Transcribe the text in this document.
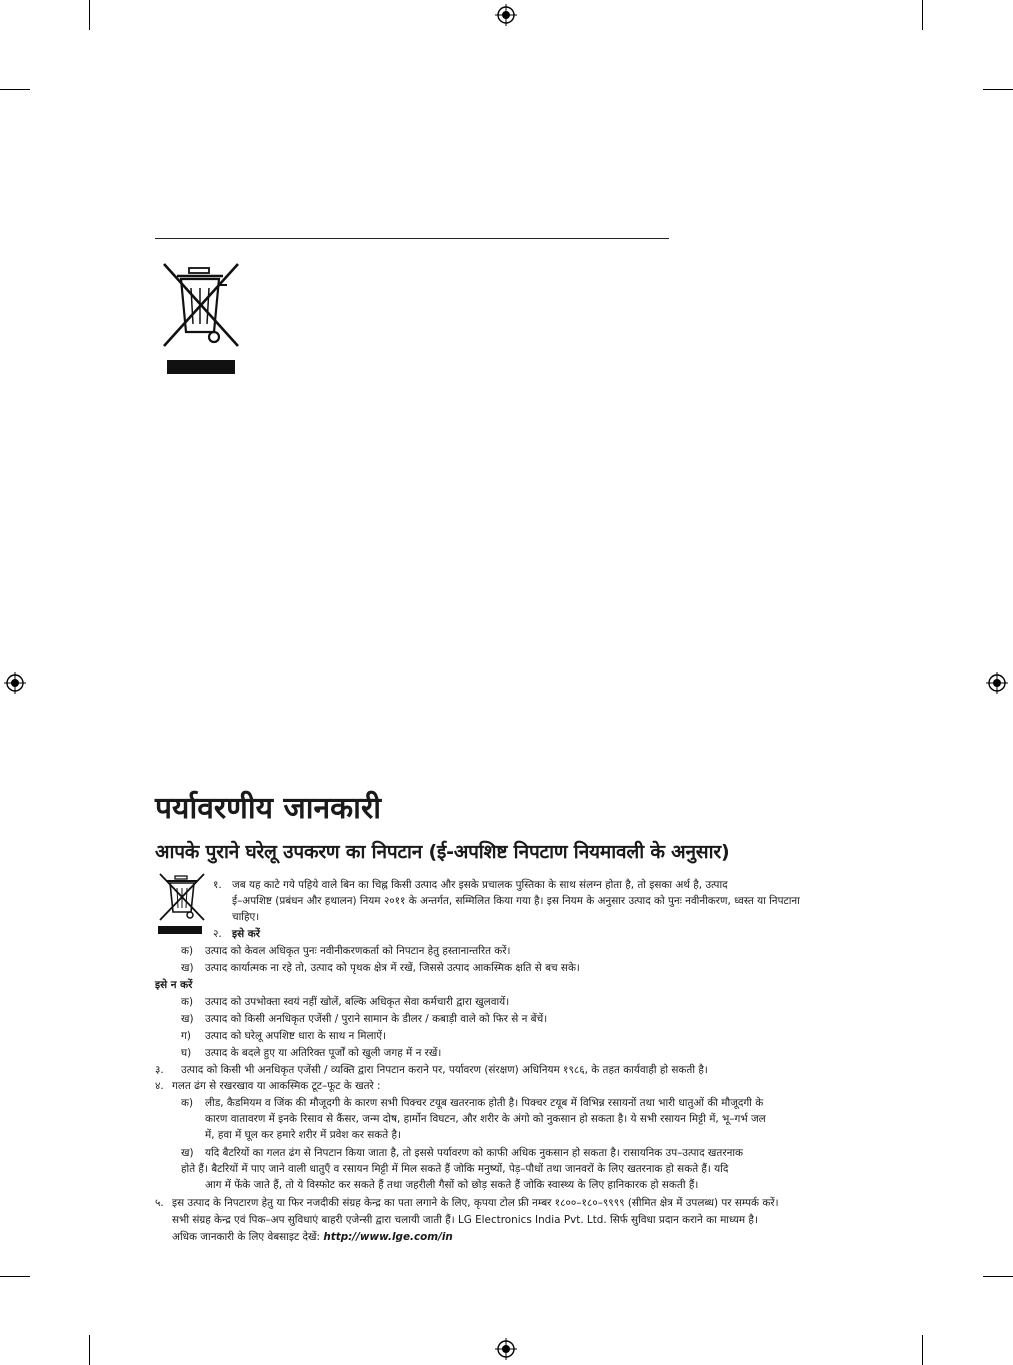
पर्यावरणीय जानकारी
आपके पुराने घरेलू उपकरण का निपटान (ई-अपशिष्ट निपटाण नियमावली के अनुसार)
१. जब यह काटे गये पहिये वाले बिन का चिह्न किसी उत्पाद और इसके प्रचालक पुस्तिका के साथ संलग्न होता है, तो इसका अर्थ है, उत्पाद
ई–अपशिष्ट (प्रबंधन और हथालन) नियम २०११ के अन्तर्गत, सम्मिलित किया गया है। इस नियम के अनुसार उत्पाद को पुनः नवीनीकरण, ध्वस्त या निपटाना
चाहिए।
२. इसे करें
क) उत्पाद को केवल अधिकृत पुनः नवीनीकरणकर्ता को निपटान हेतु हस्तानान्तरित करें।
ख) उत्पाद कार्यात्मक ना रहे तो, उत्पाद को पृथक क्षेत्र में रखें, जिससे उत्पाद आकस्मिक क्षति से बच सके।
इसे न करें
क) उत्पाद को उपभोक्ता स्वयं नहीं खोलें, बल्कि अधिकृत सेवा कर्मचारी द्वारा खुलवायें।
ख) उत्पाद को किसी अनधिकृत एजेंसी / पुराने सामान के डीलर / कबाड़ी वाले को फिर से न बेंचें।
ग) उत्पाद को घरेलू अपशिष्ट धारा के साथ न मिलाऐं।
घ) उत्पाद के बदले हुए या अतिरिक्त पूर्जों को खुली जगह में न रखें।
३. उत्पाद को किसी भी अनधिकृत एजेंसी / व्यक्ति द्वारा निपटान कराने पर, पर्यावरण (संरक्षण) अधिनियम १९८६, के तहत कार्यवाही हो सकती है।
४. गलत ढंग से रखरखाव या आकस्मिक टूट–फूट के खतरे :
क) लीड, कैडमियम व जिंक की मौजूदगी के कारण सभी पिक्चर टयूब खतरनाक होती है। पिक्चर टयूब में विभिन्न रसायनों तथा भारी धातुओं की मौजूदगी के
कारण वातावरण में इनके रिसाव से कैंसर, जन्म दोष, हार्मोन विघटन, और शरीर के अंगो को नुकसान हो सकता है। ये सभी रसायन मिट्टी में, भू–गर्भ जल
में, हवा में घूल कर हमारे शरीर में प्रवेश कर सकते है।
ख) यदि बैटरियों का गलत ढंग से निपटान किया जाता है, तो इससे पर्यावरण को काफी अधिक नुकसान हो सकता है। रासायनिक उप–उत्पाद खतरनाक
होते हैं। बैटरियों में पाए जाने वाली धातुएँ व रसायन मिट्टी में मिल सकते हैं जोकि मनुष्यों, पेड़–पौधों तथा जानवरों के लिए खतरनाक हो सकते हैं। यदि
आग में फेंके जाते हैं, तो ये विस्फोट कर सकते हैं तथा जहरीली गैसों को छोड़ सकते हैं जोकि स्वास्थ्य के लिए हानिकारक हो सकती हैं।
५. इस उत्पाद के निपटारण हेतु या फिर नजदीकी संग्रह केन्द्र का पता लगाने के लिए, कृपया टोल फ्री नम्बर १८००–१८०–९९९९ (सीमित क्षेत्र में उपलब्ध) पर सम्पर्क करें।
सभी संग्रह केन्द्र एवं पिक–अप सुविधाएं बाहरी एजेन्सी द्वारा चलायी जाती हैं। LG Electronics India Pvt. Ltd. सिर्फ सुविधा प्रदान कराने का माध्यम है।
अधिक जानकारी के लिए वेबसाइट देखें: http://www.lge.com/in
